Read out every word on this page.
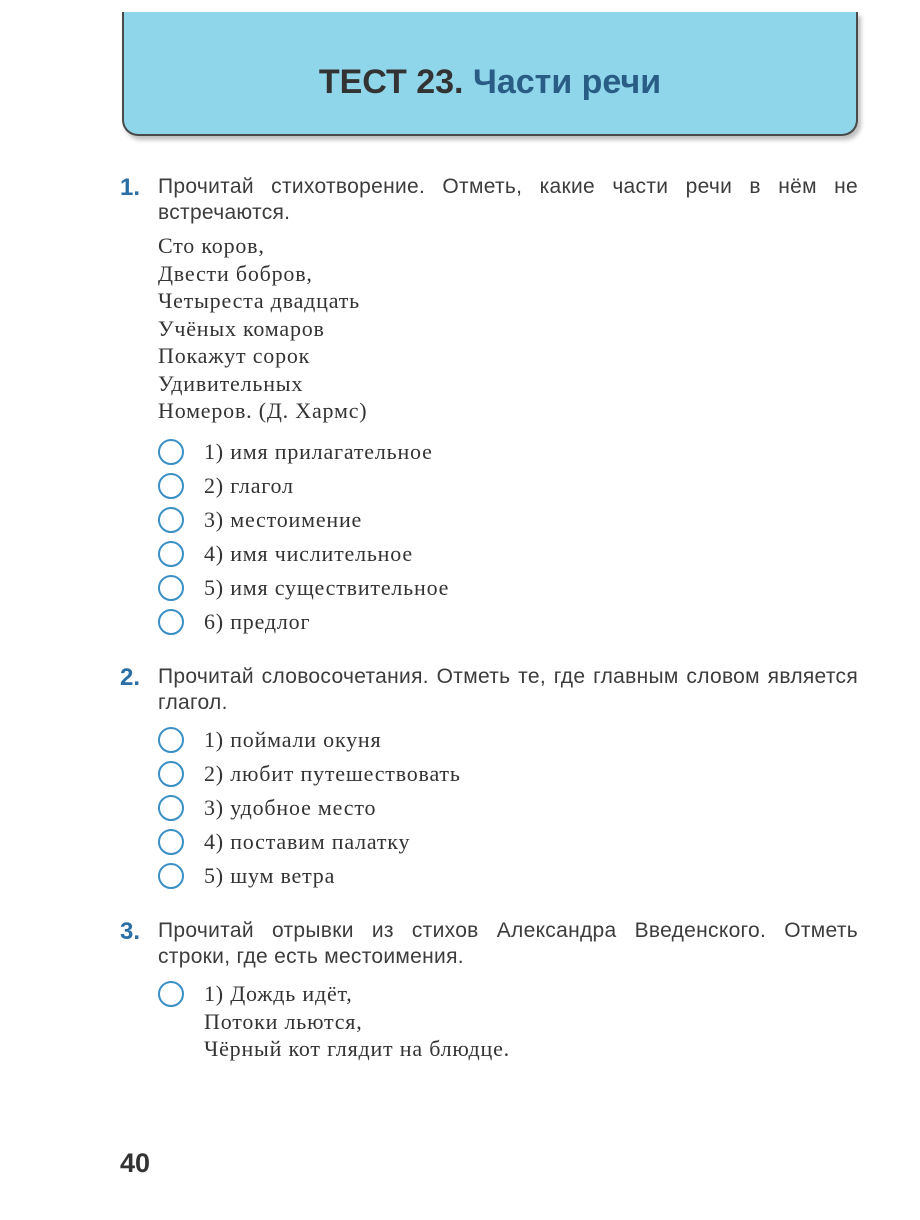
ТЕСТ 23. Части речи
1. Прочитай стихотворение. Отметь, какие части речи в нём не встречаются.
Сто коров,
Двести бобров,
Четыреста двадцать
Учёных комаров
Покажут сорок
Удивительных
Номеров. (Д. Хармс)
1) имя прилагательное
2) глагол
3) местоимение
4) имя числительное
5) имя существительное
6) предлог
2. Прочитай словосочетания. Отметь те, где главным словом является глагол.
1) поймали окуня
2) любит путешествовать
3) удобное место
4) поставим палатку
5) шум ветра
3. Прочитай отрывки из стихов Александра Введенского. Отметь строки, где есть местоимения.
1) Дождь идёт,
Потоки льются,
Чёрный кот глядит на блюдце.
40
